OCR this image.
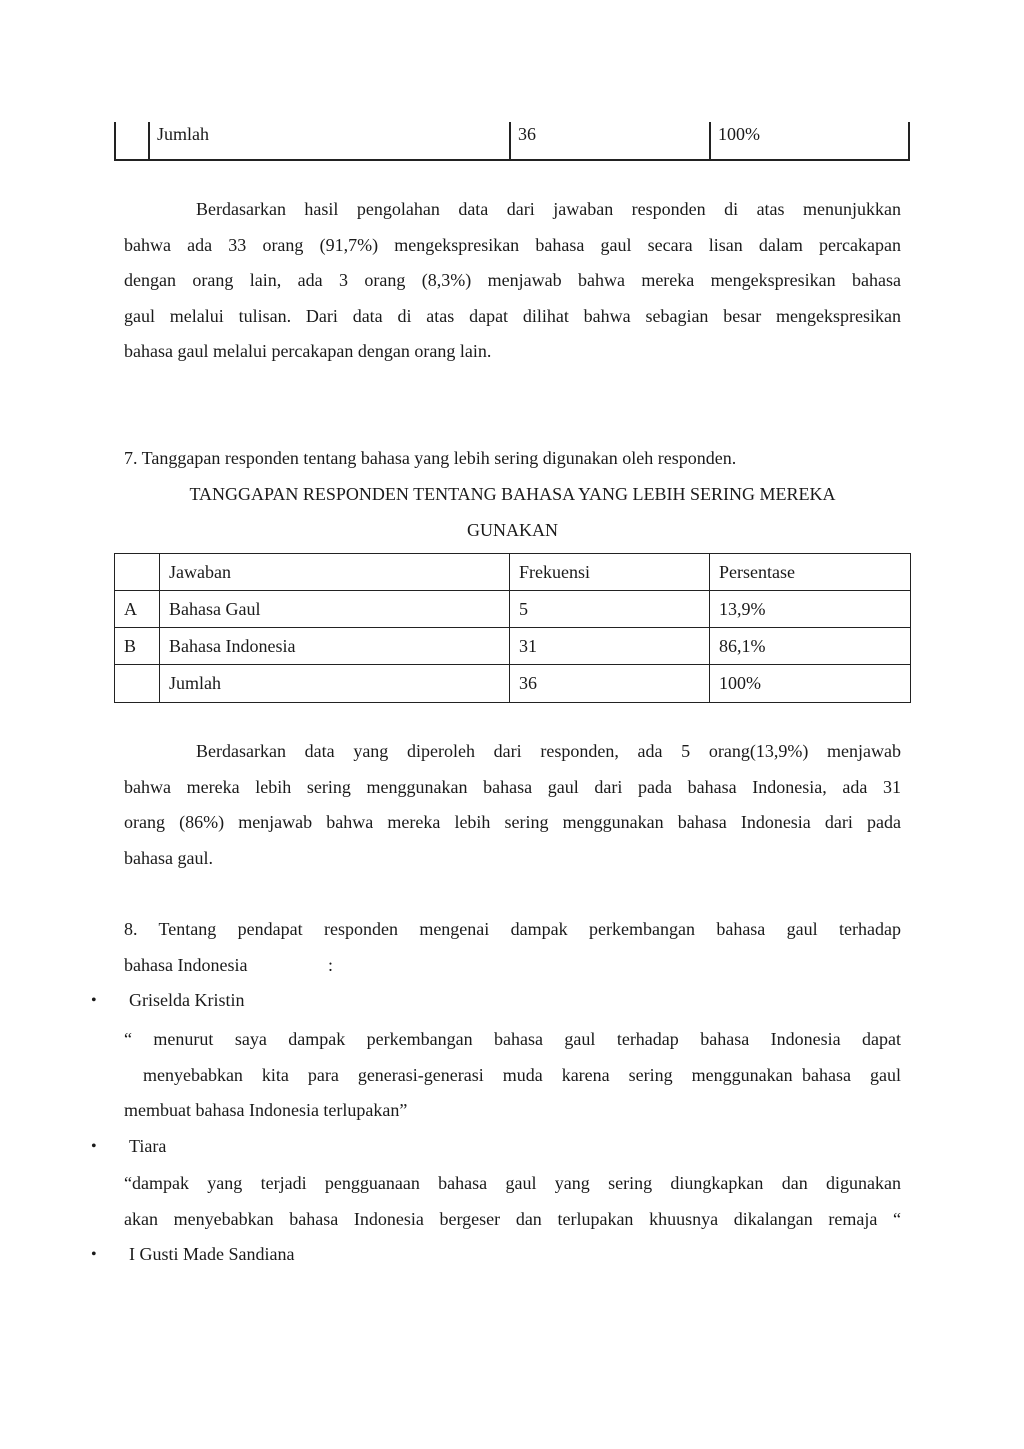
Jumlah	36	100%
Berdasarkan hasil pengolahan data dari jawaban responden di atas menunjukkan
bahwa ada 33 orang (91,7%) mengekspresikan bahasa gaul secara lisan dalam percakapan
dengan orang lain, ada 3 orang (8,3%) menjawab bahwa mereka mengekspresikan bahasa
gaul melalui tulisan. Dari data di atas dapat dilihat bahwa sebagian besar mengekspresikan
bahasa gaul melalui percakapan dengan orang lain.
7. Tanggapan responden tentang bahasa yang lebih sering digunakan oleh responden.
TANGGAPAN RESPONDEN TENTANG BAHASA YANG LEBIH SERING MEREKA
GUNAKAN
	Jawaban	Frekuensi	Persentase
A	Bahasa Gaul	5	13,9%
B	Bahasa Indonesia	31	86,1%
	Jumlah	36	100%
Berdasarkan data yang diperoleh dari responden, ada 5 orang(13,9%) menjawab
bahwa mereka lebih sering menggunakan bahasa gaul dari pada bahasa Indonesia, ada 31
orang (86%) menjawab bahwa mereka lebih sering menggunakan bahasa Indonesia dari pada
bahasa gaul.
8. Tentang pendapat responden mengenai dampak perkembangan bahasa gaul terhadap
bahasa Indonesia	:
• Griselda Kristin
“ menurut saya dampak perkembangan bahasa gaul terhadap bahasa Indonesia dapat
menyebabkan  kita  para  generasi-generasi  muda  karena  sering  menggunakan bahasa  gaul
membuat bahasa Indonesia terlupakan”
• Tiara
“dampak yang terjadi pengguanaan bahasa gaul yang sering diungkapkan dan digunakan
akan menyebabkan bahasa Indonesia bergeser dan terlupakan khuusnya dikalangan remaja “
• I Gusti Made Sandiana
